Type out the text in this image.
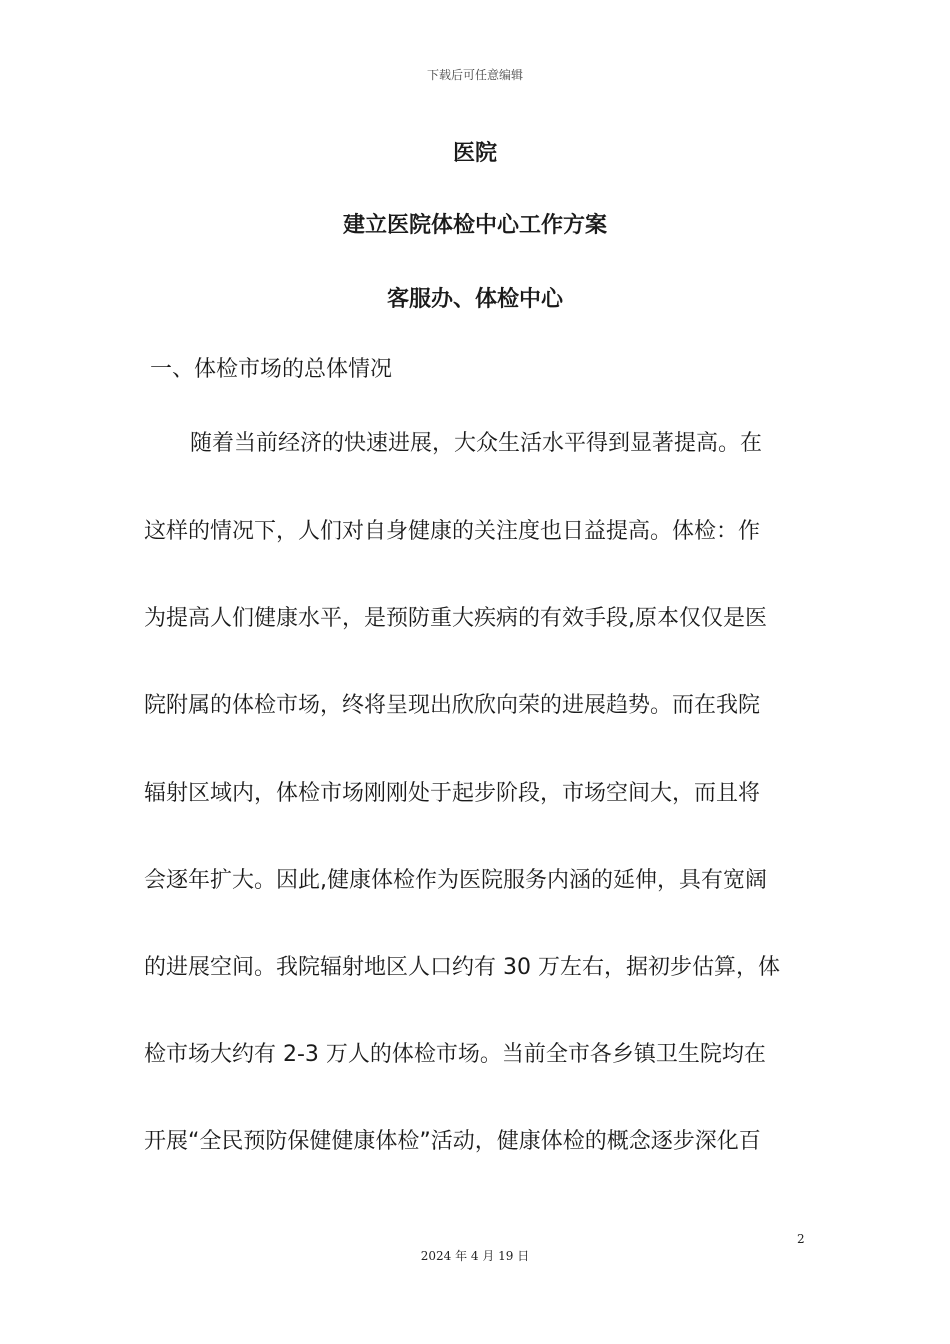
下载后可任意编辑
医院
建立医院体检中心工作方案
客服办、体检中心
一、体检市场的总体情况
随着当前经济的快速进展，大众生活水平得到显著提高。在
这样的情况下，人们对自身健康的关注度也日益提高。体检：作
为提高人们健康水平，是预防重大疾病的有效手段,原本仅仅是医
院附属的体检市场，终将呈现出欣欣向荣的进展趋势。而在我院
辐射区域内，体检市场刚刚处于起步阶段，市场空间大，而且将
会逐年扩大。因此,健康体检作为医院服务内涵的延伸，具有宽阔
的进展空间。我院辐射地区人口约有 30 万左右，据初步估算，体
检市场大约有 2-3 万人的体检市场。当前全市各乡镇卫生院均在
开展“全民预防保健健康体检”活动，健康体检的概念逐步深化百
2
2024 年 4 月 19 日
